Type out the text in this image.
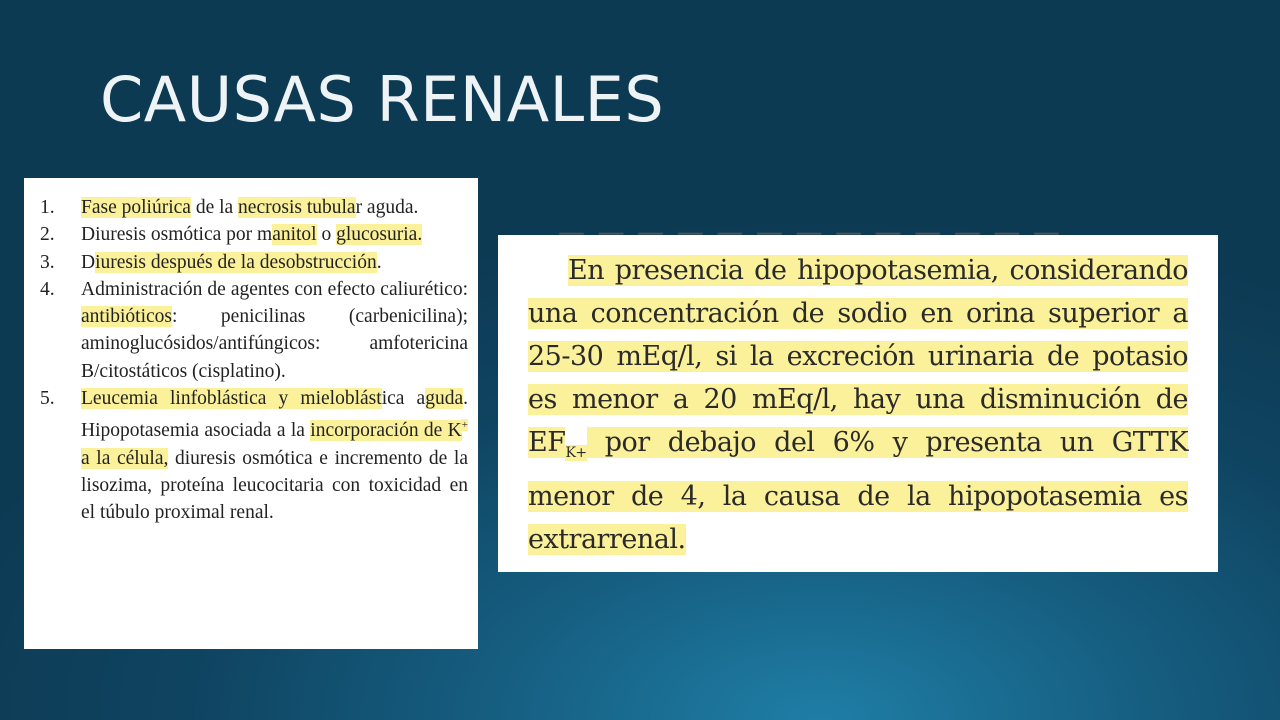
CAUSAS RENALES
1.	Fase poliúrica de la necrosis tubular aguda.
2.	Diuresis osmótica por manitol o glucosuria.
3.	Diuresis después de la desobstrucción.
4.	Administración de agentes con efecto caliurético: antibióticos: penicilinas (carbenicilina); aminoglucósidos/antifúngicos: amfotericina B/citostáticos (cisplatino).
5.	Leucemia linfoblástica y mieloblástica aguda. Hipopotasemia asociada a la incorporación de K+ a la célula, diuresis osmótica e incremento de la lisozima, proteína leucocitaria con toxicidad en el túbulo proximal renal.
— — — — — — — — — — — — —

En presencia de hipopotasemia, considerando una concentración de sodio en orina superior a 25-30 mEq/l, si la excreción urinaria de potasio es menor a 20 mEq/l, hay una disminución de $EF_{K+}$ por debajo del 6% y presenta un GTTK menor de 4, la causa de la hipopotasemia es extrarrenal.
